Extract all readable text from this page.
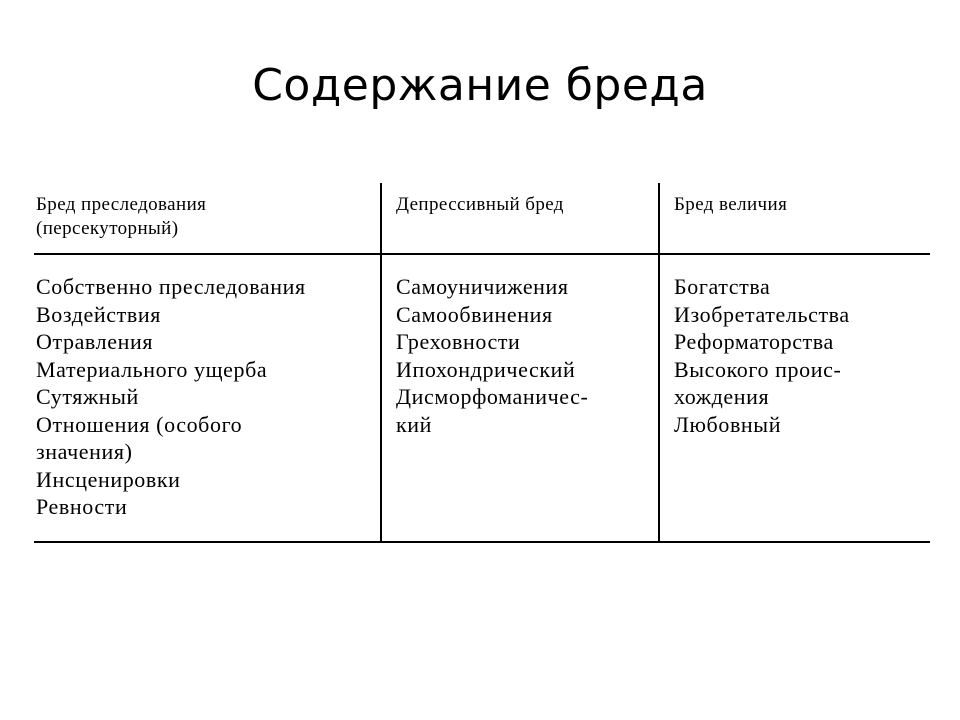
Содержание бреда
Бред преследования
(персекуторный)
Собственно преследования
Воздействия
Отравления
Материального ущерба
Сутяжный
Отношения (особого
значения)
Инсценировки
Ревности
Депрессивный бред
Самоуничижения
Самообвинения
Греховности
Ипохондрический
Дисморфоманичес-
кий
Бред величия
Богатства
Изобретательства
Реформаторства
Высокого проис-
хождения
Любовный
